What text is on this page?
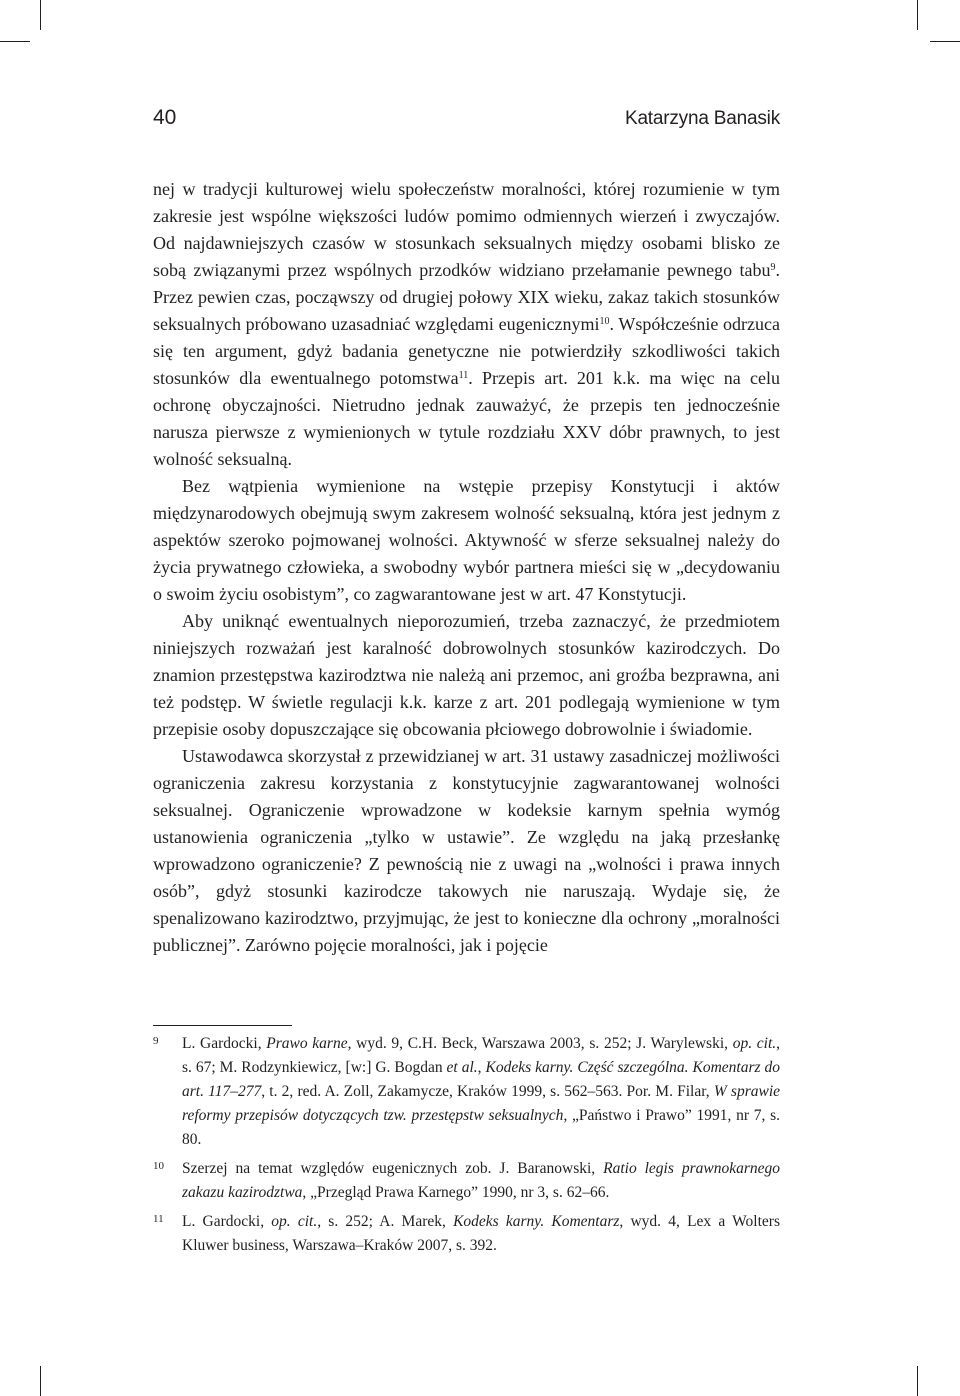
40	Katarzyna Banasik

nej w tradycji kulturowej wielu społeczeństw moralności, której rozumienie w tym zakresie jest wspólne większości ludów pomimo odmiennych wierzeń i zwyczajów. Od najdawniejszych czasów w stosunkach seksualnych między osobami blisko ze sobą związanymi przez wspólnych przodków widziano przełamanie pewnego tabu$^9$. Przez pewien czas, począwszy od drugiej połowy XIX wieku, zakaz takich stosunków seksualnych próbowano uzasadniać względami eugenicznymi$^{10}$. Współcześnie odrzuca się ten argument, gdyż badania genetyczne nie potwierdziły szkodliwości takich stosunków dla ewentualnego potomstwa$^{11}$. Przepis art. 201 k.k. ma więc na celu ochronę obyczajności. Nietrudno jednak zauważyć, że przepis ten jednocześnie narusza pierwsze z wymienionych w tytule rozdziału XXV dóbr prawnych, to jest wolność seksualną.

Bez wątpienia wymienione na wstępie przepisy Konstytucji i aktów międzynarodowych obejmują swym zakresem wolność seksualną, która jest jednym z aspektów szeroko pojmowanej wolności. Aktywność w sferze seksualnej należy do życia prywatnego człowieka, a swobodny wybór partnera mieści się w „decydowaniu o swoim życiu osobistym”, co zagwarantowane jest w art. 47 Konstytucji.

Aby uniknąć ewentualnych nieporozumień, trzeba zaznaczyć, że przedmiotem niniejszych rozważań jest karalność dobrowolnych stosunków kazirodczych. Do znamion przestępstwa kazirodztwa nie należą ani przemoc, ani groźba bezprawna, ani też podstęp. W świetle regulacji k.k. karze z art. 201 podlegają wymienione w tym przepisie osoby dopuszczające się obcowania płciowego dobrowolnie i świadomie.

Ustawodawca skorzystał z przewidzianej w art. 31 ustawy zasadniczej możliwości ograniczenia zakresu korzystania z konstytucyjnie zagwarantowanej wolności seksualnej. Ograniczenie wprowadzone w kodeksie karnym spełnia wymóg ustanowienia ograniczenia „tylko w ustawie”. Ze względu na jaką przesłankę wprowadzono ograniczenie? Z pewnością nie z uwagi na „wolności i prawa innych osób”, gdyż stosunki kazirodcze takowych nie naruszają. Wydaje się, że spenalizowano kazirodztwo, przyjmując, że jest to konieczne dla ochrony „moralności publicznej”. Zarówno pojęcie moralności, jak i pojęcie

9 L. Gardocki, Prawo karne, wyd. 9, C.H. Beck, Warszawa 2003, s. 252; J. Warylewski, op. cit., s. 67; M. Rodzynkiewicz, [w:] G. Bogdan et al., Kodeks karny. Część szczególna. Komentarz do art. 117–277, t. 2, red. A. Zoll, Zakamycze, Kraków 1999, s. 562–563. Por. M. Filar, W sprawie reformy przepisów dotyczących tzw. przestępstw seksualnych, „Państwo i Prawo” 1991, nr 7, s. 80.
10 Szerzej na temat względów eugenicznych zob. J. Baranowski, Ratio legis prawnokarnego zakazu kazirodztwa, „Przegląd Prawa Karnego” 1990, nr 3, s. 62–66.
11 L. Gardocki, op. cit., s. 252; A. Marek, Kodeks karny. Komentarz, wyd. 4, Lex a Wolters Kluwer business, Warszawa–Kraków 2007, s. 392.
